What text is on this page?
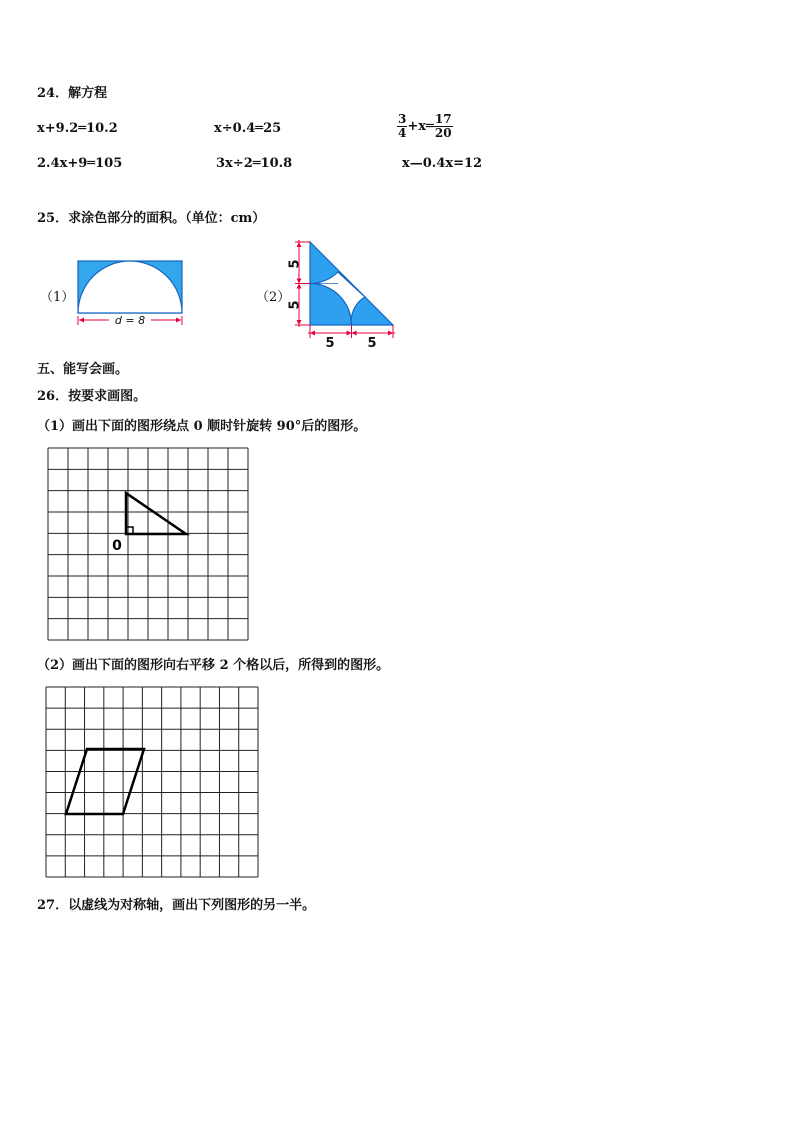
24．解方程
x+9.2═10.2	x÷0.4═25	$\frac{3}{4}$ +x═ $\frac{17}{20}$
2.4x+9═105	3x÷2═10.8	x—0.4x=12
25．求涂色部分的面积。（单位：cm）
（1）
d = 8
（2）
5
5
5	5
五、能写会画。
26．按要求画图。
（1）画出下面的图形绕点 0 顺时针旋转 90°后的图形。
0
（2）画出下面的图形向右平移 2 个格以后，所得到的图形。
27．以虚线为对称轴，画出下列图形的另一半。
